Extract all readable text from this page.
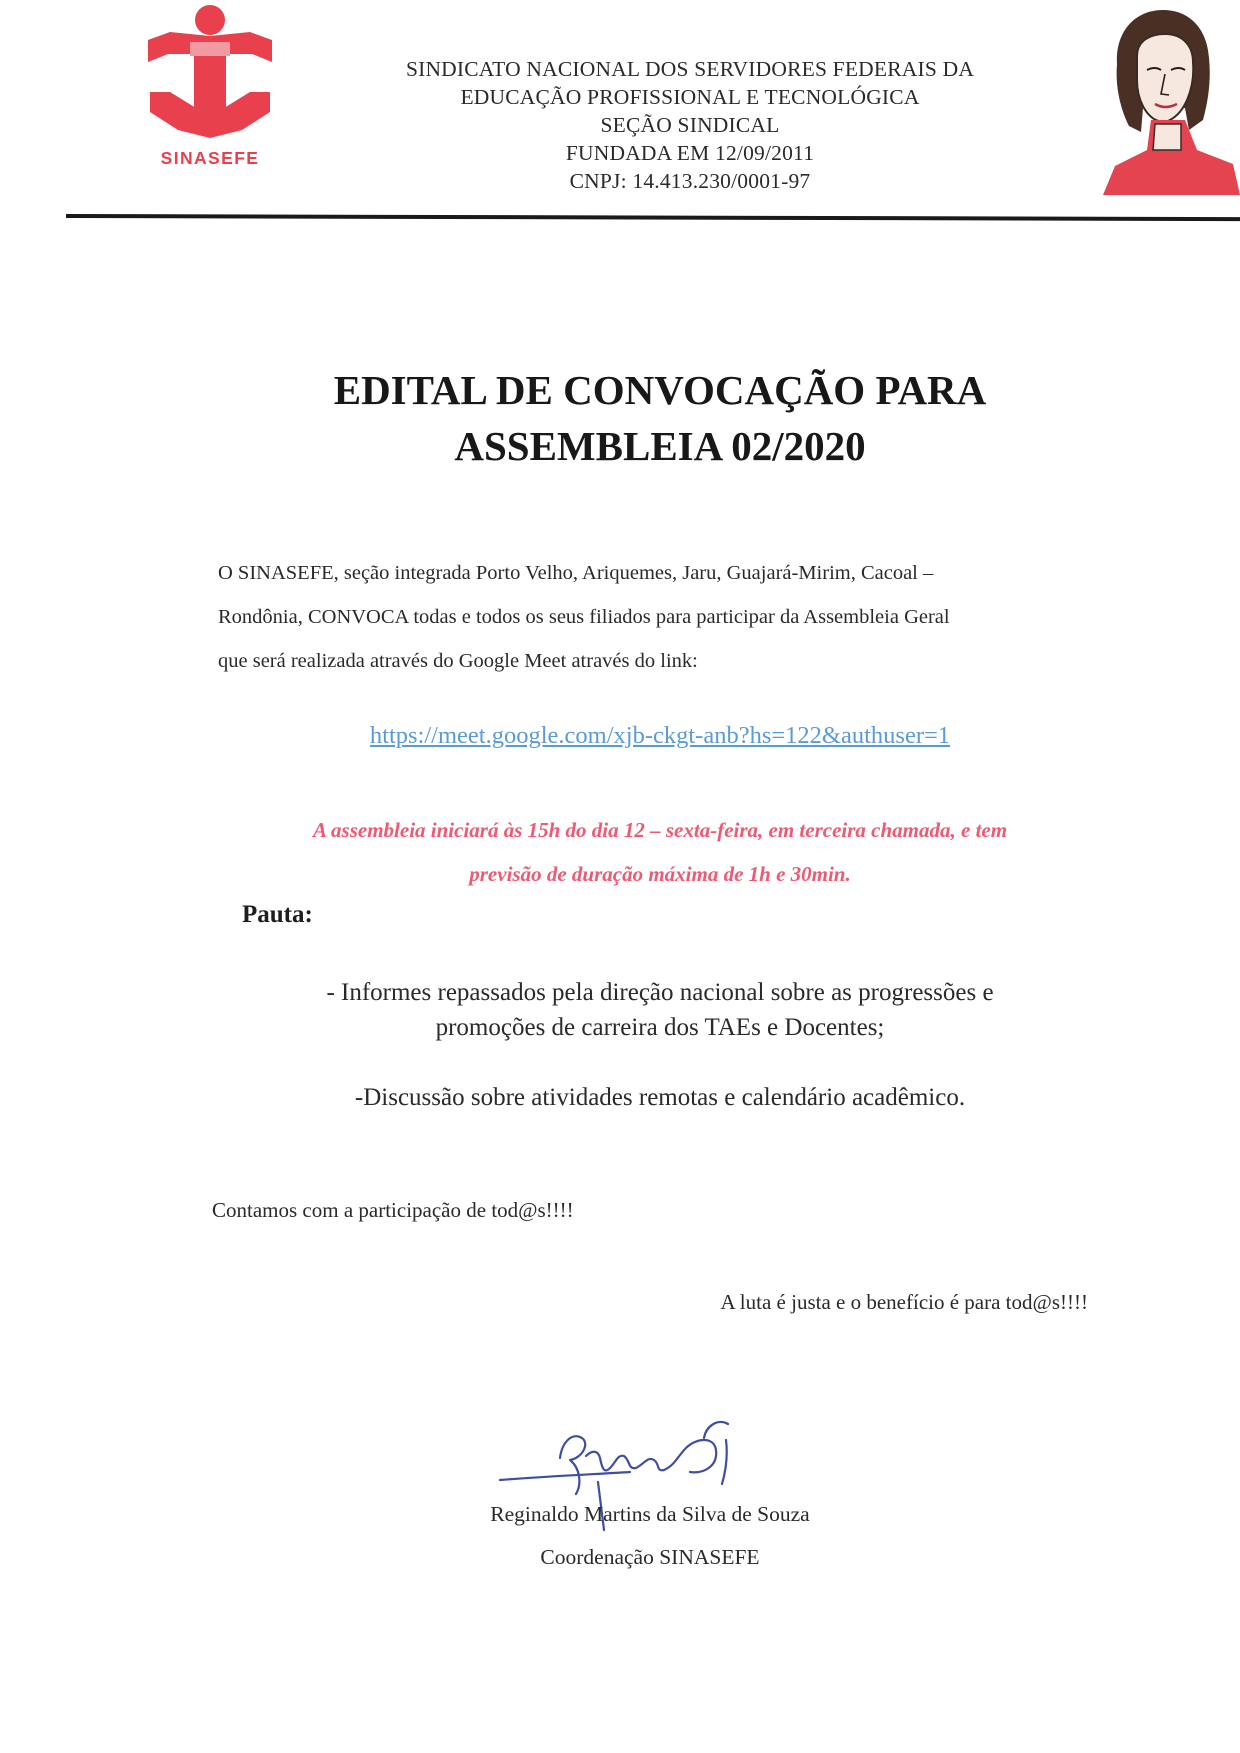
SINASEFE
SINDICATO NACIONAL DOS SERVIDORES FEDERAIS DA
EDUCAÇÃO PROFISSIONAL E TECNOLÓGICA
SEÇÃO SINDICAL
FUNDADA EM 12/09/2011
CNPJ: 14.413.230/0001-97
EDITAL DE CONVOCAÇÃO PARA
ASSEMBLEIA 02/2020
O SINASEFE, seção integrada Porto Velho, Ariquemes, Jaru, Guajará-Mirim, Cacoal –
Rondônia, CONVOCA todas e todos os seus filiados para participar da Assembleia Geral
que será realizada através do Google Meet através do link:
https://meet.google.com/xjb-ckgt-anb?hs=122&authuser=1
A assembleia iniciará às 15h do dia 12 – sexta-feira, em terceira chamada, e tem
previsão de duração máxima de 1h e 30min.
Pauta:
- Informes repassados pela direção nacional sobre as progressões e
promoções de carreira dos TAEs e Docentes;
-Discussão sobre atividades remotas e calendário acadêmico.
Contamos com a participação de tod@s!!!!
A luta é justa e o benefício é para tod@s!!!!
Reginaldo Martins da Silva de Souza
Coordenação SINASEFE
